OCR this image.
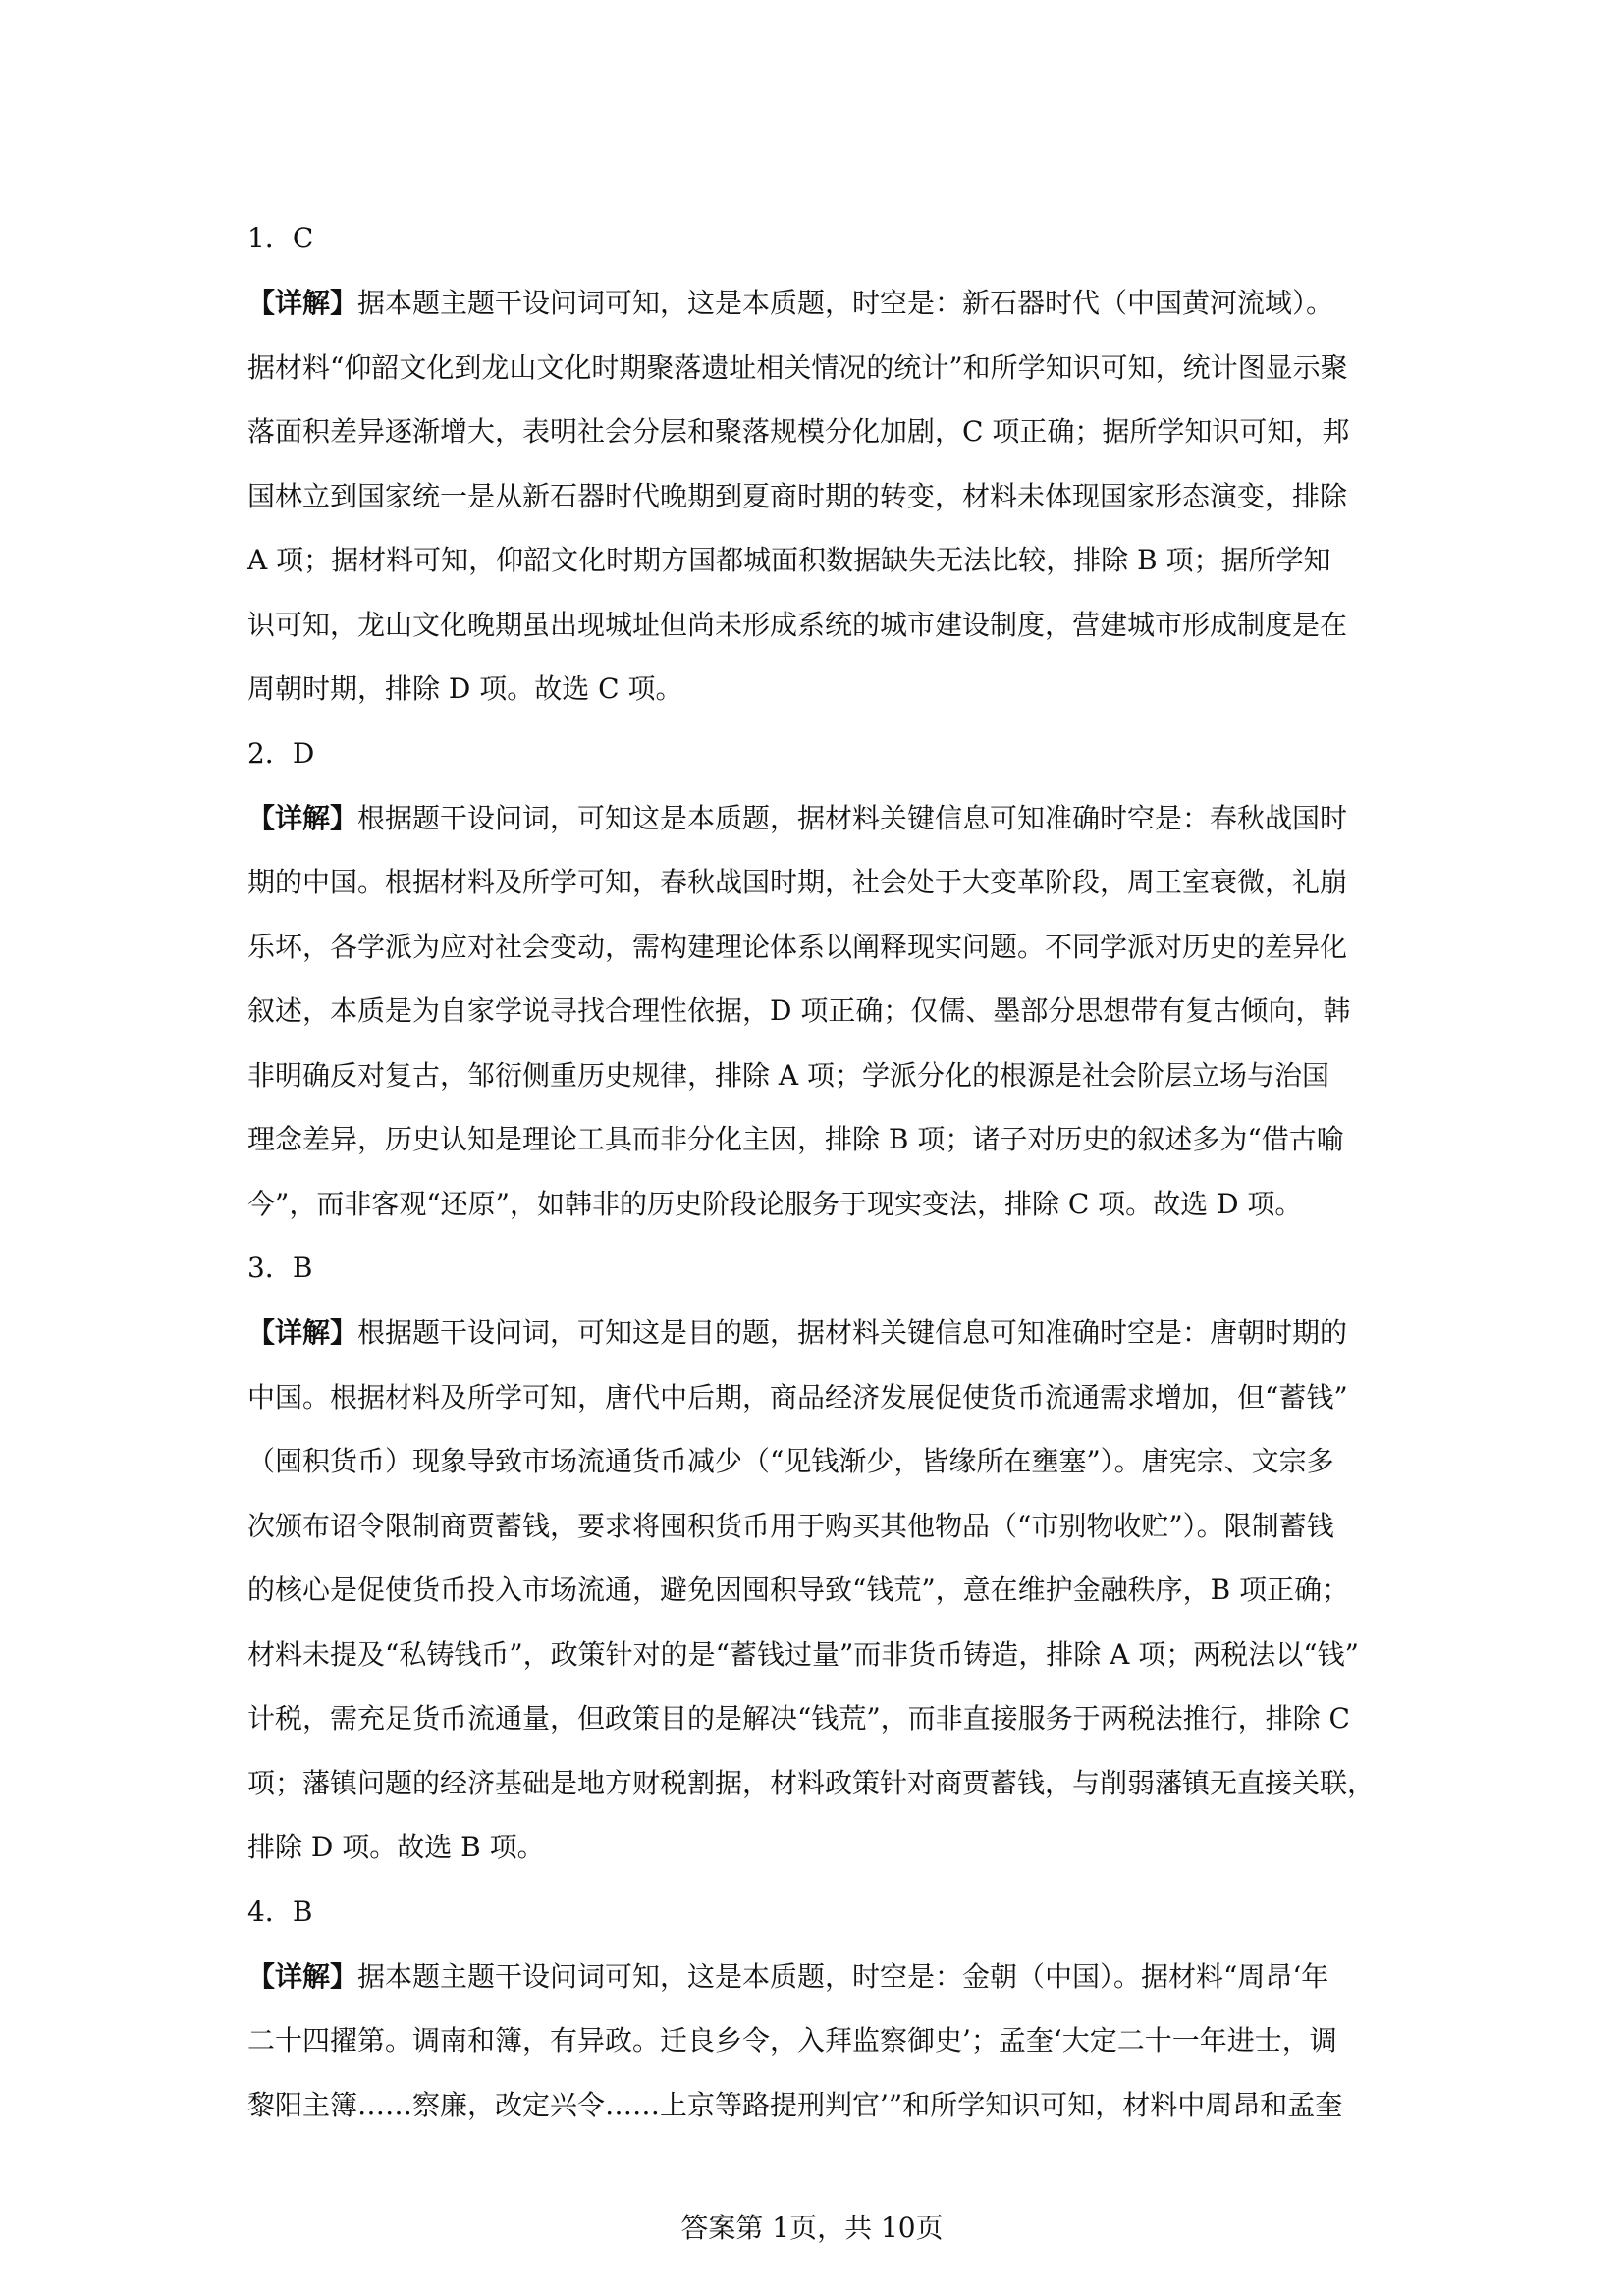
1．C

【详解】据本题主题干设问词可知，这是本质题，时空是：新石器时代（中国黄河流域）。

据材料“仰韶文化到龙山文化时期聚落遗址相关情况的统计”和所学知识可知，统计图显示聚

落面积差异逐渐增大，表明社会分层和聚落规模分化加剧，C 项正确；据所学知识可知，邦

国林立到国家统一是从新石器时代晚期到夏商时期的转变，材料未体现国家形态演变，排除

A 项；据材料可知，仰韶文化时期方国都城面积数据缺失无法比较，排除 B 项；据所学知

识可知，龙山文化晚期虽出现城址但尚未形成系统的城市建设制度，营建城市形成制度是在

周朝时期，排除 D 项。故选 C 项。

2．D

【详解】根据题干设问词，可知这是本质题，据材料关键信息可知准确时空是：春秋战国时

期的中国。根据材料及所学可知，春秋战国时期，社会处于大变革阶段，周王室衰微，礼崩

乐坏，各学派为应对社会变动，需构建理论体系以阐释现实问题。不同学派对历史的差异化

叙述，本质是为自家学说寻找合理性依据，D 项正确；仅儒、墨部分思想带有复古倾向，韩

非明确反对复古，邹衍侧重历史规律，排除 A 项；学派分化的根源是社会阶层立场与治国

理念差异，历史认知是理论工具而非分化主因，排除 B 项；诸子对历史的叙述多为“借古喻

今”，而非客观“还原”，如韩非的历史阶段论服务于现实变法，排除 C 项。故选 D 项。

3．B

【详解】根据题干设问词，可知这是目的题，据材料关键信息可知准确时空是：唐朝时期的

中国。根据材料及所学可知，唐代中后期，商品经济发展促使货币流通需求增加，但“蓄钱”

（囤积货币）现象导致市场流通货币减少（“见钱渐少，皆缘所在壅塞”）。唐宪宗、文宗多

次颁布诏令限制商贾蓄钱，要求将囤积货币用于购买其他物品（“市别物收贮”）。限制蓄钱

的核心是促使货币投入市场流通，避免因囤积导致“钱荒”，意在维护金融秩序，B 项正确；

材料未提及“私铸钱币”，政策针对的是“蓄钱过量”而非货币铸造，排除 A 项；两税法以“钱”

计税，需充足货币流通量，但政策目的是解决“钱荒”，而非直接服务于两税法推行，排除 C

项；藩镇问题的经济基础是地方财税割据，材料政策针对商贾蓄钱，与削弱藩镇无直接关联，

排除 D 项。故选 B 项。

4．B

【详解】据本题主题干设问词可知，这是本质题，时空是：金朝（中国）。据材料“周昂‘年

二十四擢第。调南和簿，有异政。迁良乡令，入拜监察御史’；孟奎‘大定二十一年进士，调

黎阳主簿……察廉，改定兴令……上京等路提刑判官’”和所学知识可知，材料中周昂和孟奎

答案第 1页，共 10页
